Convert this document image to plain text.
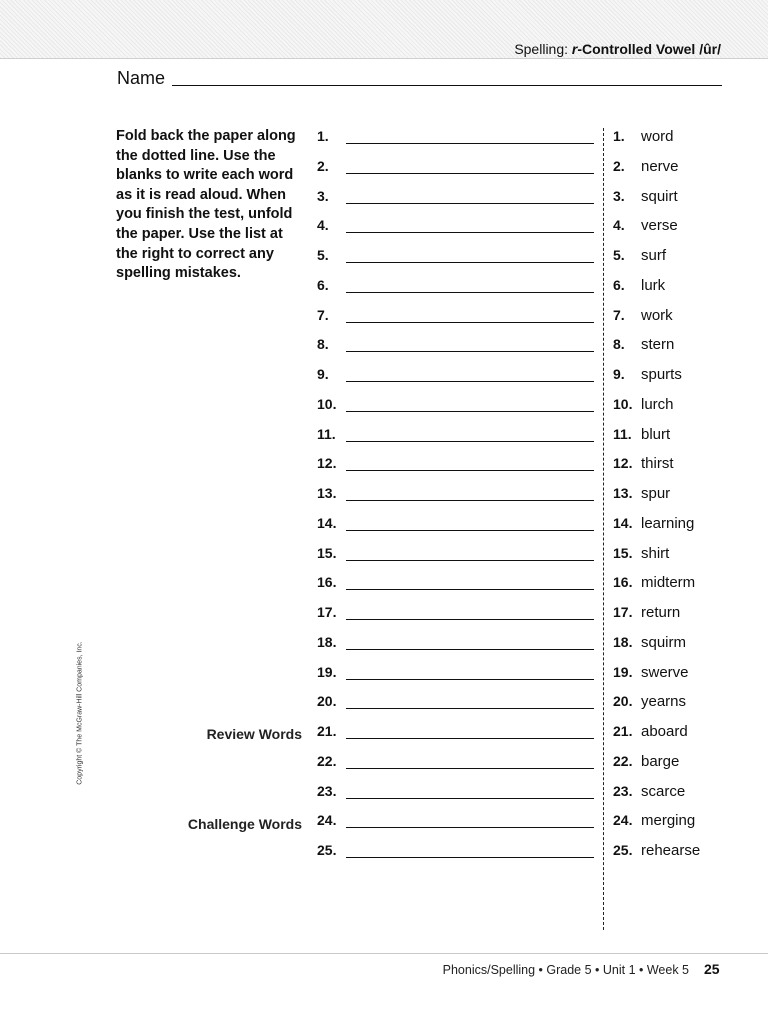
Spelling: r-Controlled Vowel /ûr/
Name
Fold back the paper along the dotted line. Use the blanks to write each word as it is read aloud. When you finish the test, unfold the paper. Use the list at the right to correct any spelling mistakes.
Review Words
Challenge Words
1.	1.	word
2.	2.	nerve
3.	3.	squirt
4.	4.	verse
5.	5.	surf
6.	6.	lurk
7.	7.	work
8.	8.	stern
9.	9.	spurts
10.	10. lurch
11.	11. blurt
12.	12. thirst
13.	13. spur
14.	14. learning
15.	15. shirt
16.	16. midterm
17.	17. return
18.	18. squirm
19.	19. swerve
20.	20. yearns
21.	21. aboard
22.	22. barge
23.	23. scarce
24.	24. merging
25.	25. rehearse
Copyright © The McGraw-Hill Companies, Inc.
Phonics/Spelling • Grade 5 • Unit 1 • Week 5 25
